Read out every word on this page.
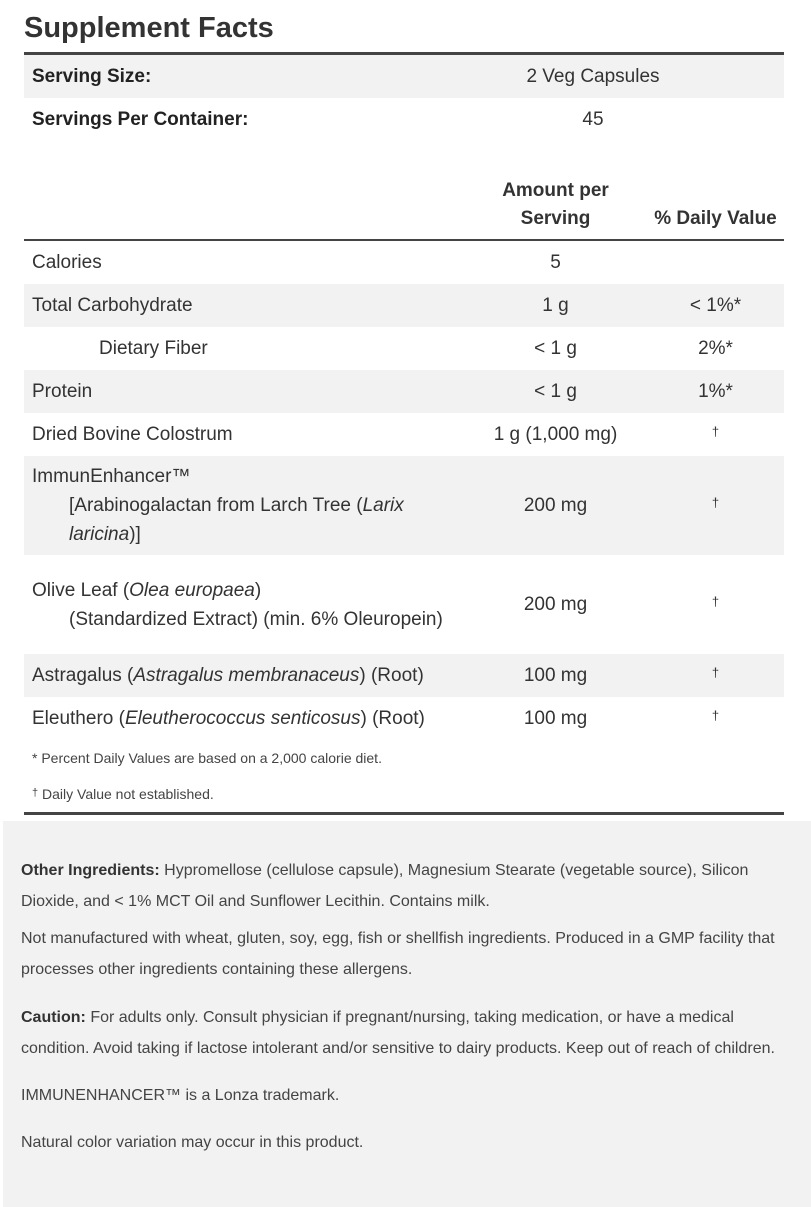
Supplement Facts
Serving Size:	2 Veg Capsules
Servings Per Container:	45
Amount per
Serving	% Daily Value
Calories	5
Total Carbohydrate	1 g	< 1%*
Dietary Fiber	< 1 g	2%*
Protein	< 1 g	1%*
Dried Bovine Colostrum	1 g (1,000 mg)	†
ImmunEnhancer™
[Arabinogalactan from Larch Tree (Larix laricina)]
200 mg	†
Olive Leaf (Olea europaea)
(Standardized Extract) (min. 6% Oleuropein)
200 mg	†
Astragalus (Astragalus membranaceus) (Root)	100 mg	†
Eleuthero (Eleutherococcus senticosus) (Root)	100 mg	†
* Percent Daily Values are based on a 2,000 calorie diet.
† Daily Value not established.

Other Ingredients: Hypromellose (cellulose capsule), Magnesium Stearate (vegetable source), Silicon Dioxide, and < 1% MCT Oil and Sunflower Lecithin. Contains milk.

Not manufactured with wheat, gluten, soy, egg, fish or shellfish ingredients. Produced in a GMP facility that processes other ingredients containing these allergens.

Caution: For adults only. Consult physician if pregnant/nursing, taking medication, or have a medical condition. Avoid taking if lactose intolerant and/or sensitive to dairy products. Keep out of reach of children.

IMMUNENHANCER™ is a Lonza trademark.

Natural color variation may occur in this product.
